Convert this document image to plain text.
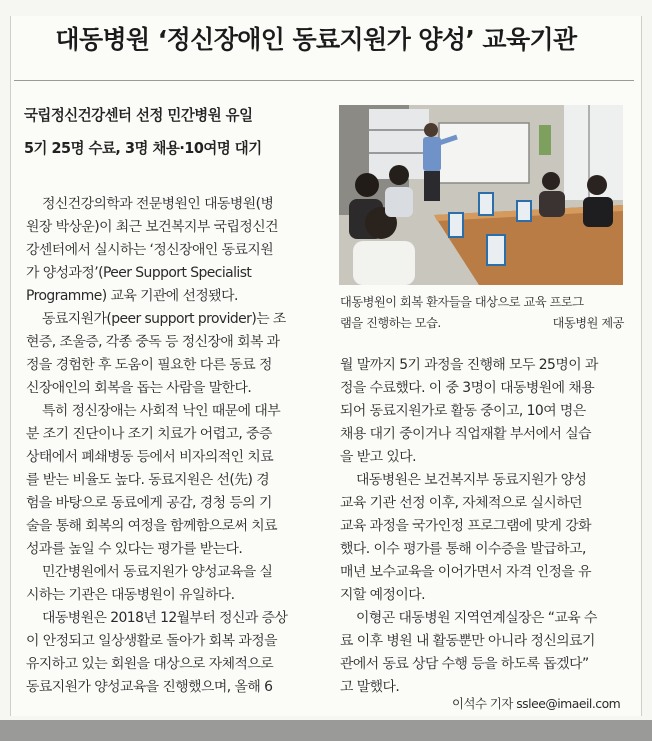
대동병원 ‘정신장애인 동료지원가 양성’ 교육기관
국립정신건강센터 선정 민간병원 유일
5기 25명 수료, 3명 채용·10여명 대기
정신건강의학과 전문병원인 대동병원(병
원장 박상운)이 최근 보건복지부 국립정신건
강센터에서 실시하는 ‘정신장애인 동료지원
가 양성과정’(Peer Support Specialist
Programme) 교육 기관에 선정됐다.
동료지원가(peer support provider)는 조
현증, 조울증, 각종 중독 등 정신장애 회복 과
정을 경험한 후 도움이 필요한 다른 동료 정
신장애인의 회복을 돕는 사람을 말한다.
특히 정신장애는 사회적 낙인 때문에 대부
분 조기 진단이나 조기 치료가 어렵고, 중증
상태에서 폐쇄병동 등에서 비자의적인 치료
를 받는 비율도 높다. 동료지원은 선(先) 경
험을 바탕으로 동료에게 공감, 경청 등의 기
술을 통해 회복의 여정을 함께함으로써 치료
성과를 높일 수 있다는 평가를 받는다.
민간병원에서 동료지원가 양성교육을 실
시하는 기관은 대동병원이 유일하다.
대동병원은 2018년 12월부터 정신과 증상
이 안정되고 일상생활로 돌아가 회복 과정을
유지하고 있는 회원을 대상으로 자체적으로
동료지원가 양성교육을 진행했으며, 올해 6
대동병원이 회복 환자들을 대상으로 교육 프로그
램을 진행하는 모습.	대동병원 제공
월 말까지 5기 과정을 진행해 모두 25명이 과
정을 수료했다. 이 중 3명이 대동병원에 채용
되어 동료지원가로 활동 중이고, 10여 명은
채용 대기 중이거나 직업재활 부서에서 실습
을 받고 있다.
대동병원은 보건복지부 동료지원가 양성
교육 기관 선정 이후, 자체적으로 실시하던
교육 과정을 국가인정 프로그램에 맞게 강화
했다. 이수 평가를 통해 이수증을 발급하고,
매년 보수교육을 이어가면서 자격 인정을 유
지할 예정이다.
이형곤 대동병원 지역연계실장은 “교육 수
료 이후 병원 내 활동뿐만 아니라 정신의료기
관에서 동료 상담 수행 등을 하도록 돕겠다”
고 말했다.
이석수 기자 sslee@imaeil.com
